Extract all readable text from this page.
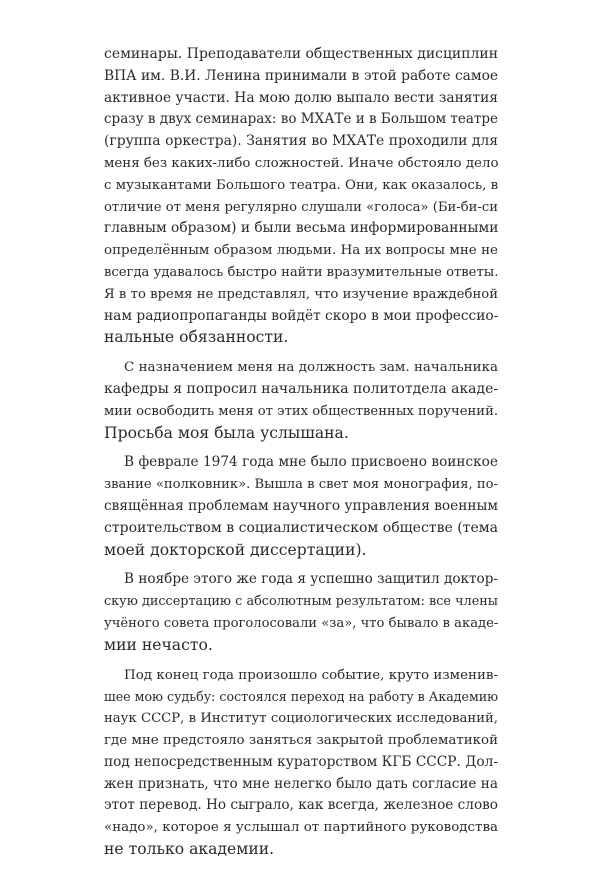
семинары. Преподаватели общественных дисциплин
ВПА им. В.И. Ленина принимали в этой работе самое
активное участи. На мою долю выпало вести занятия
сразу в двух семинарах: во МХАТе и в Большом театре
(группа оркестра). Занятия во МХАТе проходили для
меня без каких-либо сложностей. Иначе обстояло дело
с музыкантами Большого театра. Они, как оказалось, в
отличие от меня регулярно слушали «голоса» (Би-би-си
главным образом) и были весьма информированными
определённым образом людьми. На их вопросы мне не
всегда удавалось быстро найти вразумительные ответы.
Я в то время не представлял, что изучение враждебной
нам радиопропаганды войдёт скоро в мои профессио-
нальные обязанности.

С назначением меня на должность зам. начальника
кафедры я попросил начальника политотдела акаде-
мии освободить меня от этих общественных поручений.
Просьба моя была услышана.

В феврале 1974 года мне было присвоено воинское
звание «полковник». Вышла в свет моя монография, по-
свящённая проблемам научного управления военным
строительством в социалистическом обществе (тема
моей докторской диссертации).

В ноябре этого же года я успешно защитил доктор-
скую диссертацию с абсолютным результатом: все члены
учёного совета проголосовали «за», что бывало в акаде-
мии нечасто.

Под конец года произошло событие, круто изменив-
шее мою судьбу: состоялся переход на работу в Академию
наук СССР, в Институт социологических исследований,
где мне предстояло заняться закрытой проблематикой
под непосредственным кураторством КГБ СССР. Дол-
жен признать, что мне нелегко было дать согласие на
этот перевод. Но сыграло, как всегда, железное слово
«надо», которое я услышал от партийного руководства
не только академии.
